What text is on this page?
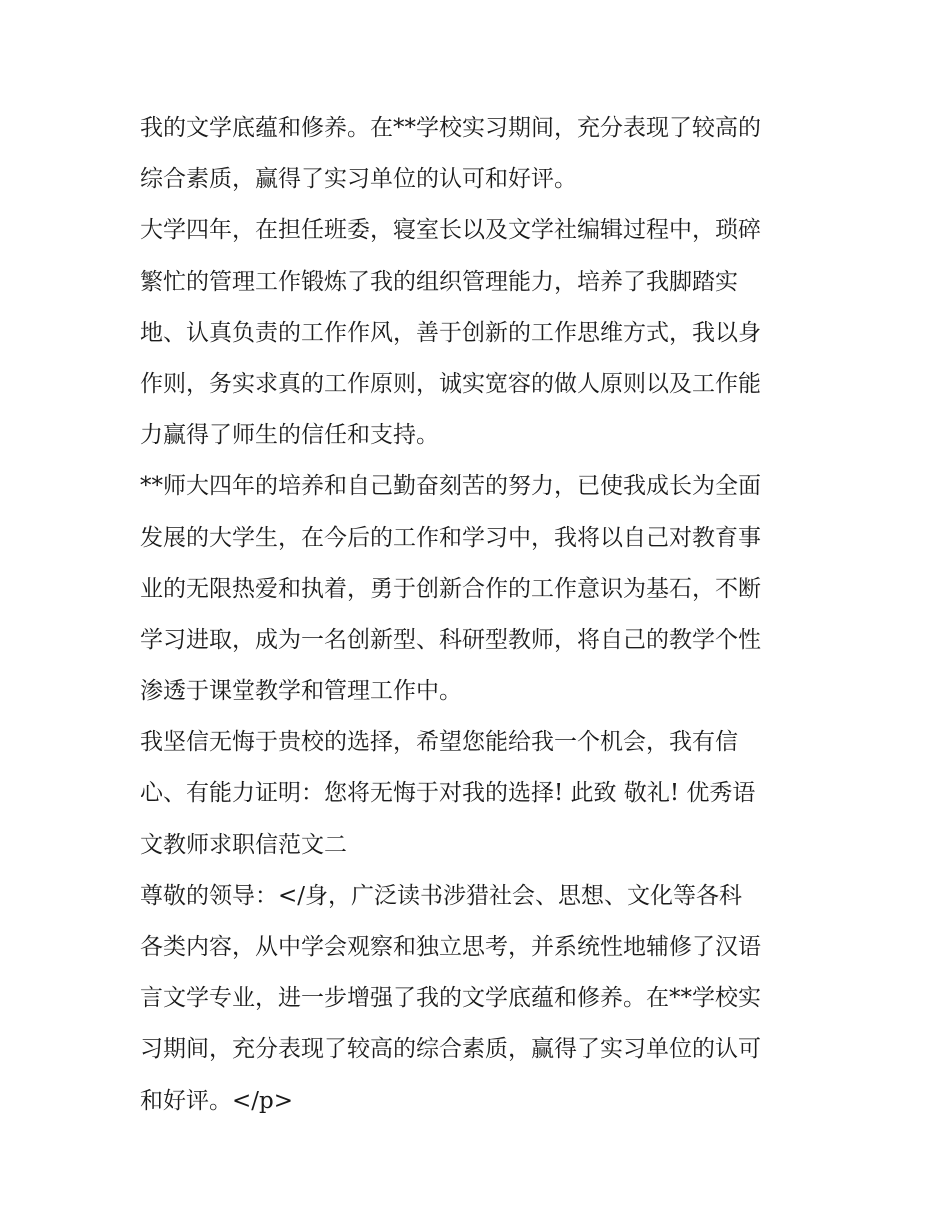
我的文学底蕴和修养。在**学校实习期间，充分表现了较高的
综合素质，赢得了实习单位的认可和好评。
大学四年，在担任班委，寝室长以及文学社编辑过程中，琐碎
繁忙的管理工作锻炼了我的组织管理能力，培养了我脚踏实
地、认真负责的工作作风，善于创新的工作思维方式，我以身
作则，务实求真的工作原则，诚实宽容的做人原则以及工作能
力赢得了师生的信任和支持。
**师大四年的培养和自己勤奋刻苦的努力，已使我成长为全面
发展的大学生，在今后的工作和学习中，我将以自己对教育事
业的无限热爱和执着，勇于创新合作的工作意识为基石，不断
学习进取，成为一名创新型、科研型教师，将自己的教学个性
渗透于课堂教学和管理工作中。
我坚信无悔于贵校的选择，希望您能给我一个机会，我有信
心、有能力证明：您将无悔于对我的选择! 此致 敬礼! 优秀语
文教师求职信范文二
尊敬的领导：</身，广泛读书涉猎社会、思想、文化等各科
各类内容，从中学会观察和独立思考，并系统性地辅修了汉语
言文学专业，进一步增强了我的文学底蕴和修养。在**学校实
习期间，充分表现了较高的综合素质，赢得了实习单位的认可
和好评。</p>
